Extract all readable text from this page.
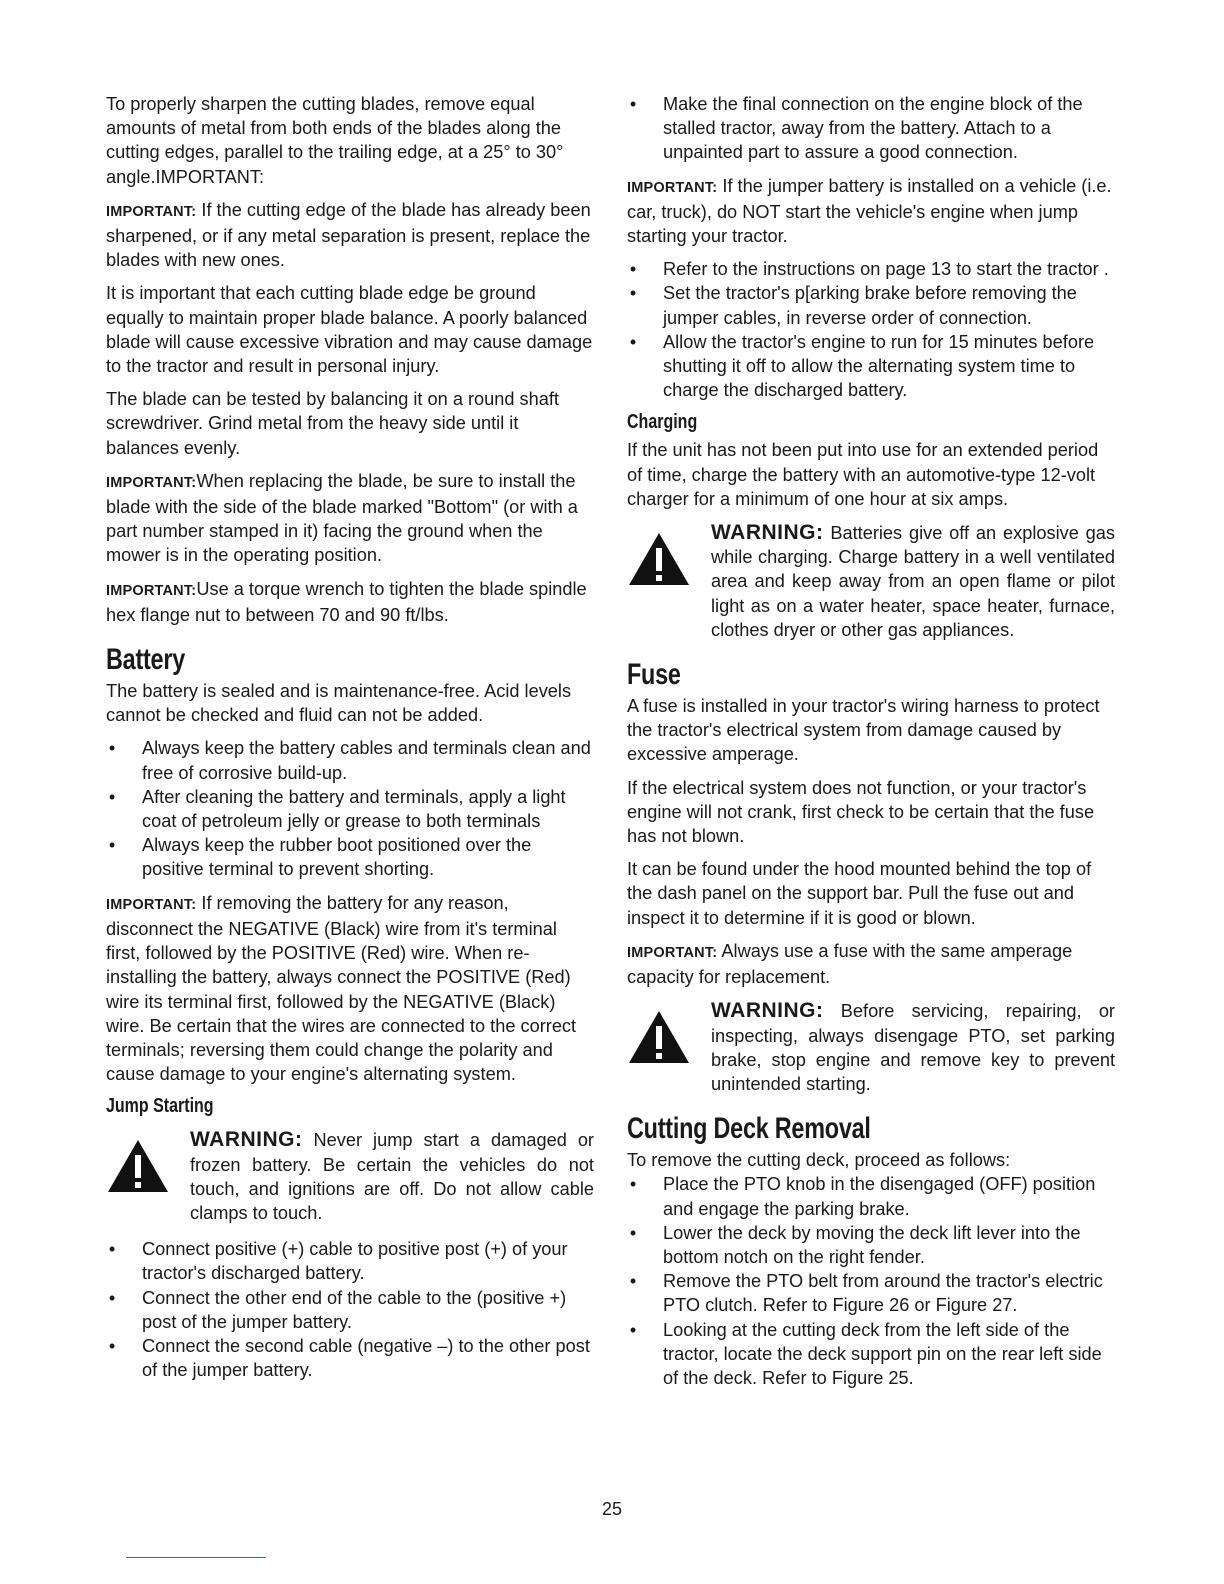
To properly sharpen the cutting blades, remove equal amounts of metal from both ends of the blades along the cutting edges, parallel to the trailing edge, at a 25° to 30° angle.IMPORTANT:

IMPORTANT: If the cutting edge of the blade has already been sharpened, or if any metal separation is present, replace the blades with new ones.

It is important that each cutting blade edge be ground equally to maintain proper blade balance. A poorly balanced blade will cause excessive vibration and may cause damage to the tractor and result in personal injury.

The blade can be tested by balancing it on a round shaft screwdriver. Grind metal from the heavy side until it balances evenly.

IMPORTANT:When replacing the blade, be sure to install the blade with the side of the blade marked "Bottom" (or with a part number stamped in it) facing the ground when the mower is in the operating position.

IMPORTANT:Use a torque wrench to tighten the blade spindle hex flange nut to between 70 and 90 ft/lbs.

Battery

The battery is sealed and is maintenance-free. Acid levels cannot be checked and fluid can not be added.

• Always keep the battery cables and terminals clean and free of corrosive build-up.
• After cleaning the battery and terminals, apply a light coat of petroleum jelly or grease to both terminals
• Always keep the rubber boot positioned over the positive terminal to prevent shorting.

IMPORTANT: If removing the battery for any reason, disconnect the NEGATIVE (Black) wire from it's terminal first, followed by the POSITIVE (Red) wire. When re-installing the battery, always connect the POSITIVE (Red) wire its terminal first, followed by the NEGATIVE (Black) wire. Be certain that the wires are connected to the correct terminals; reversing them could change the polarity and cause damage to your engine's alternating system.

Jump Starting

WARNING: Never jump start a damaged or frozen battery. Be certain the vehicles do not touch, and ignitions are off. Do not allow cable clamps to touch.

• Connect positive (+) cable to positive post (+) of your tractor's discharged battery.
• Connect the other end of the cable to the (positive +) post of the jumper battery.
• Connect the second cable (negative –) to the other post of the jumper battery.
• Make the final connection on the engine block of the stalled tractor, away from the battery. Attach to a unpainted part to assure a good connection.

IMPORTANT: If the jumper battery is installed on a vehicle (i.e. car, truck), do NOT start the vehicle's engine when jump starting your tractor.

• Refer to the instructions on page 13 to start the tractor .
• Set the tractor's p[arking brake before removing the jumper cables, in reverse order of connection.
• Allow the tractor's engine to run for 15 minutes before shutting it off to allow the alternating system time to charge the discharged battery.
Charging

If the unit has not been put into use for an extended period of time, charge the battery with an automotive-type 12-volt charger for a minimum of one hour at six amps.

WARNING: Batteries give off an explosive gas while charging. Charge battery in a well ventilated area and keep away from an open flame or pilot light as on a water heater, space heater, furnace, clothes dryer or other gas appliances.

Fuse

A fuse is installed in your tractor's wiring harness to protect the tractor's electrical system from damage caused by excessive amperage.

If the electrical system does not function, or your tractor's engine will not crank, first check to be certain that the fuse has not blown.

It can be found under the hood mounted behind the top of the dash panel on the support bar. Pull the fuse out and inspect it to determine if it is good or blown.

IMPORTANT: Always use a fuse with the same amperage capacity for replacement.

WARNING: Before servicing, repairing, or inspecting, always disengage PTO, set parking brake, stop engine and remove key to prevent unintended starting.

Cutting Deck Removal

To remove the cutting deck, proceed as follows:

• Place the PTO knob in the disengaged (OFF) position and engage the parking brake.
• Lower the deck by moving the deck lift lever into the bottom notch on the right fender.
• Remove the PTO belt from around the tractor's electric PTO clutch. Refer to Figure 26 or Figure 27.
• Looking at the cutting deck from the left side of the tractor, locate the deck support pin on the rear left side of the deck. Refer to Figure 25.
25
